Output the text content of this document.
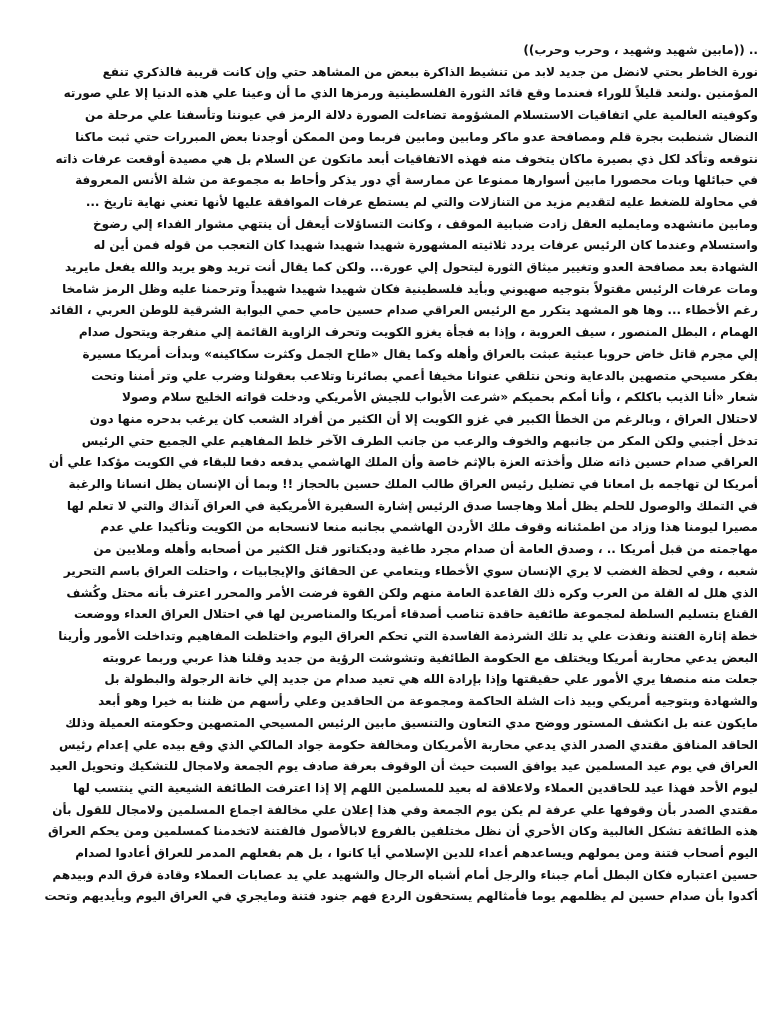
.. ((مابين شهيد وشهيد ، وحرب وحرب))
نورة الخاطر بحتي لانضل من جديد لابد من تنشيط الذاكرة ببعض من المشاهد حتي وإن كانت قريبة فالذكري تنفع
المؤمنين .ولنعد قليلاً للوراء فعندما وقع قائد الثورة الفلسطينية ورمزها الذي ما أن وعينا علي هذه الدنيا إلا علي صورته
وكوفيته العالمية علي اتفاقيات الاستسلام المشؤومة تضاءلت الصورة دلالة الرمز في عيوننا وتأسفنا علي مرحلة من
النضال شنطبت بجرة قلم ومصافحة عدو ماكر ومابين ومابين فربما ومن الممكن أوجدنا بعض المبررات حتي ثبت ماكنا
نتوقعه وتأكد لكل ذي بصيرة ماكان يتخوف منه فهذه الاتفاقيات أبعد ماتكون عن السلام بل هي مصيدة أوقعت عرفات ذاته
في حبائلها وبات محصورا مابين أسوارها ممنوعا عن ممارسة أي دور يذكر وأحاط به مجموعة من شلة الأنس المعروفة
في محاولة للضغط عليه لتقديم مزيد من التنازلات والتي لم يستطع عرفات الموافقة عليها لأنها تعني نهاية تاريخ ...
ومابين مانشهده ومايمليه العقل زادت ضبابية الموقف ، وكانت التساؤلات أيعقل أن ينتهي مشوار الفداء إلي رضوخ
واستسلام وعندما كان الرئيس عرفات يردد ثلاثيته المشهورة شهيدا شهيدا شهيدا كان التعجب من قوله فمن أين له
الشهادة بعد مصافحة العدو وتغيير ميثاق الثورة ليتحول إلي عورة... ولكن كما يقال أنت تريد وهو يريد والله يفعل مايريد
ومات عرفات الرئيس مقتولاً بتوجيه صهيوني وبأيد فلسطينية فكان شهيدا شهيدا شهيداً وترحمنا عليه وظل الرمز شامخا
رغم الأخطاء ... وها هو المشهد يتكرر مع الرئيس العراقي صدام حسين حامي حمي البوابة الشرقية للوطن العربي ، القائد
الهمام ، البطل المنصور ، سيف العروبة ، وإذا به فجأة يغزو الكويت وتحرف الزاوية القائمة إلي منفرجة ويتحول صدام
إلي مجرم قاتل خاض حروبا عبثية عبثت بالعراق وأهله وكما يقال «طاح الجمل وكثرت سكاكينه» وبدأت أمريكا مسيرة
بفكر مسيحي متصهين بالدعاية ونحن نتلقي عنوانا مخيفا أعمي بصائرنا وتلاعب بعقولنا وضرب علي وتر أمننا وتحت
شعار «أنا الذيب باكلكم ، وأنا أمكم بحميكم «شرعت الأبواب للجيش الأمريكي ودخلت قواته الخليج سلام وصولا
لاحتلال العراق ، وبالرغم من الخطأ الكبير في غزو الكويت إلا أن الكثير من أفراد الشعب كان يرغب بدحره منها دون
تدخل أجنبي ولكن المكر من جانبهم والخوف والرعب من جانب الطرف الآخر خلط المفاهيم علي الجميع حتي الرئيس
العراقي صدام حسين ذاته ضلل وأخذته العزة بالإثم خاصة وأن الملك الهاشمي يدفعه دفعا للبقاء في الكويت مؤكدا علي أن
أمريكا لن تهاجمه بل امعانا في تضليل رئيس العراق طالب الملك حسين بالحجاز !! وبما أن الإنسان يظل انسانا والرغبة
في التملك والوصول للحلم يظل أملا وهاجسا صدق الرئيس إشارة السفيرة الأمريكية في العراق آنذاك والتي لا تعلم لها
مصيرا ليومنا هذا وزاد من اطمئنانه وقوف ملك الأردن الهاشمي بجانبه منعا لانسحابه من الكويت وتأكيدا علي عدم
مهاجمته من قبل أمريكا .. ، وصدق العامة أن صدام مجرد طاغية وديكتاتور قتل الكثير من أصحابه وأهله وملايين من
شعبه ، وفي لحظة الغضب لا يري الإنسان سوي الأخطاء ويتعامي عن الحقائق والإيجابيات ، واحتلت العراق باسم التحرير
الذي هلل له القلة من العرب وكره ذلك القاعدة العامة منهم ولكن القوة فرضت الأمر والمحرر اعترف بأنه محتل وكُشف
القناع بتسليم السلطة لمجموعة طائفية حاقدة تناصب أصدقاء أمريكا والمناصرين لها في احتلال العراق العداء ووضعت
خطة إثارة الفتنة ونفذت علي يد تلك الشرذمة الفاسدة التي تحكم العراق اليوم واختلطت المفاهيم وتداخلت الأمور وأرينا
البعض يدعي محاربة أمريكا ويختلف مع الحكومة الطائفية وتشوشت الرؤية من جديد وقلنا هذا عربي وربما عروبته
جعلت منه منصفا يري الأمور علي حقيقتها وإذا بإرادة الله هي تعيد صدام من جديد إلي خانة الرجولة والبطولة بل
والشهادة وبتوجيه أمريكي وبيد ذات الشلة الحاكمة ومجموعة من الحاقدين وعلي رأسهم من ظننا به خيرا وهو أبعد
مايكون عنه بل انكشف المستور ووضح مدي التعاون والتنسيق مابين الرئيس المسيحي المتصهين وحكومته العميلة وذلك
الحاقد المنافق مقتدي الصدر الذي يدعي محاربة الأمريكان ومخالفة حكومة جواد المالكي الذي وقع بيده علي إعدام رئيس
العراق في يوم عيد المسلمين عيد يوافق السبت حيث أن الوقوف بعرفة صادف يوم الجمعة ولامجال للتشكيك وتحويل العيد
ليوم الأحد فهذا عيد للحاقدين العملاء ولاعلاقة له بعيد للمسلمين اللهم إلا إذا اعترفت الطائفة الشيعية التي ينتسب لها
مقتدي الصدر بأن وقوفها علي عرفة لم يكن يوم الجمعة وفي هذا إعلان علي مخالفة اجماع المسلمين ولامجال للقول بأن
هذه الطائفة تشكل الغالبية وكان الأحري أن نظل مختلفين بالفروع لابالأصول فالفتنة لاتخدمنا كمسلمين ومن يحكم العراق
اليوم أصحاب فتنة ومن يمولهم ويساعدهم أعداء للدين الإسلامي أيا كانوا ، بل هم بفعلهم المدمر للعراق أعادوا لصدام
حسين اعتباره فكان البطل أمام جبناء والرجل أمام أشباه الرجال والشهيد علي يد عصابات العملاء وقادة فرق الدم وبيدهم
أكدوا بأن صدام حسين لم يظلمهم يوما فأمثالهم يستحقون الردع فهم جنود فتنة ومايجري في العراق اليوم وبأيديهم وتحت
